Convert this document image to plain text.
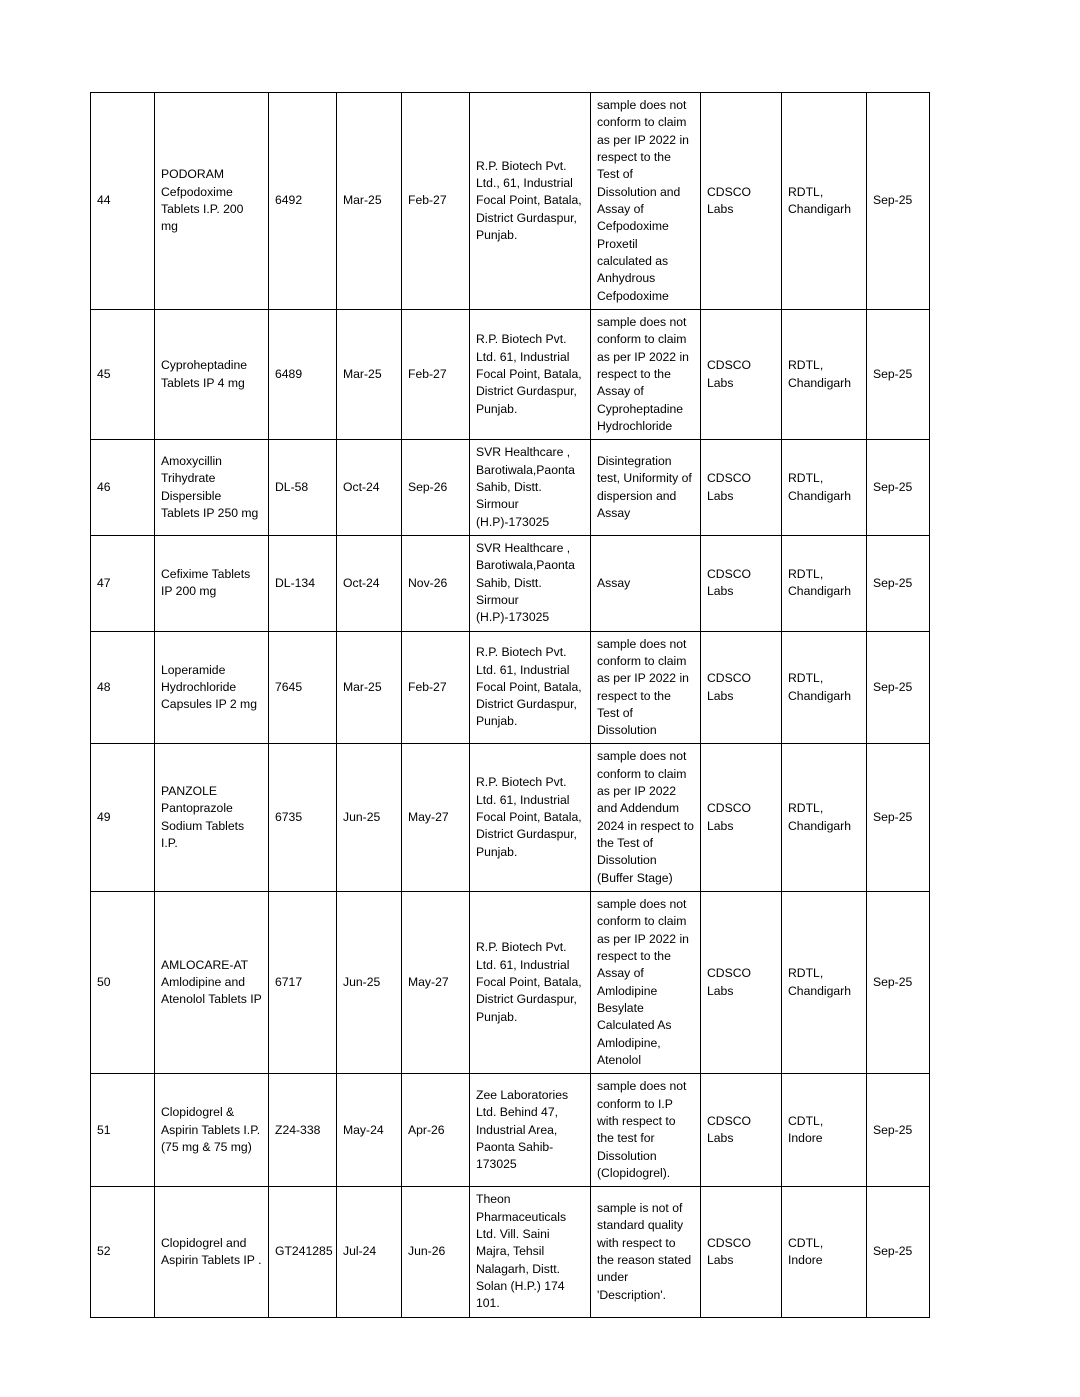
44	PODORAM Cefpodoxime Tablets I.P. 200 mg	6492	Mar-25	Feb-27	R.P. Biotech Pvt. Ltd., 61, Industrial Focal Point, Batala, District Gurdaspur, Punjab.	sample does not conform to claim as per IP 2022 in respect to the Test of Dissolution and Assay of Cefpodoxime Proxetil calculated as Anhydrous Cefpodoxime	CDSCO Labs	RDTL, Chandigarh	Sep-25
45	Cyproheptadine Tablets IP 4 mg	6489	Mar-25	Feb-27	R.P. Biotech Pvt. Ltd. 61, Industrial Focal Point, Batala, District Gurdaspur, Punjab.	sample does not conform to claim as per IP 2022 in respect to the Assay of Cyproheptadine Hydrochloride	CDSCO Labs	RDTL, Chandigarh	Sep-25
46	Amoxycillin Trihydrate Dispersible Tablets IP 250 mg	DL-58	Oct-24	Sep-26	SVR Healthcare , Barotiwala,Paonta Sahib, Distt. Sirmour (H.P)-173025	Disintegration test, Uniformity of dispersion and Assay	CDSCO Labs	RDTL, Chandigarh	Sep-25
47	Cefixime Tablets IP 200 mg	DL-134	Oct-24	Nov-26	SVR Healthcare , Barotiwala,Paonta Sahib, Distt. Sirmour (H.P)-173025	Assay	CDSCO Labs	RDTL, Chandigarh	Sep-25
48	Loperamide Hydrochloride Capsules IP 2 mg	7645	Mar-25	Feb-27	R.P. Biotech Pvt. Ltd. 61, Industrial Focal Point, Batala, District Gurdaspur, Punjab.	sample does not conform to claim as per IP 2022 in respect to the Test of Dissolution	CDSCO Labs	RDTL, Chandigarh	Sep-25
49	PANZOLE Pantoprazole Sodium Tablets I.P.	6735	Jun-25	May-27	R.P. Biotech Pvt. Ltd. 61, Industrial Focal Point, Batala, District Gurdaspur, Punjab.	sample does not conform to claim as per IP 2022 and Addendum 2024 in respect to the Test of Dissolution (Buffer Stage)	CDSCO Labs	RDTL, Chandigarh	Sep-25
50	AMLOCARE-AT Amlodipine and Atenolol Tablets IP	6717	Jun-25	May-27	R.P. Biotech Pvt. Ltd. 61, Industrial Focal Point, Batala, District Gurdaspur, Punjab.	sample does not conform to claim as per IP 2022 in respect to the Assay of Amlodipine Besylate Calculated As Amlodipine, Atenolol	CDSCO Labs	RDTL, Chandigarh	Sep-25
51	Clopidogrel & Aspirin Tablets I.P. (75 mg & 75 mg)	Z24-338	May-24	Apr-26	Zee Laboratories Ltd. Behind 47, Industrial Area, Paonta Sahib- 173025	sample does not conform to I.P with respect to the test for Dissolution (Clopidogrel).	CDSCO Labs	CDTL, Indore	Sep-25
52	Clopidogrel and Aspirin Tablets IP .	GT241285	Jul-24	Jun-26	Theon Pharmaceuticals Ltd. Vill. Saini Majra, Tehsil Nalagarh, Distt. Solan (H.P.) 174 101.	sample is not of standard quality with respect to the reason stated under 'Description'.	CDSCO Labs	CDTL, Indore	Sep-25
